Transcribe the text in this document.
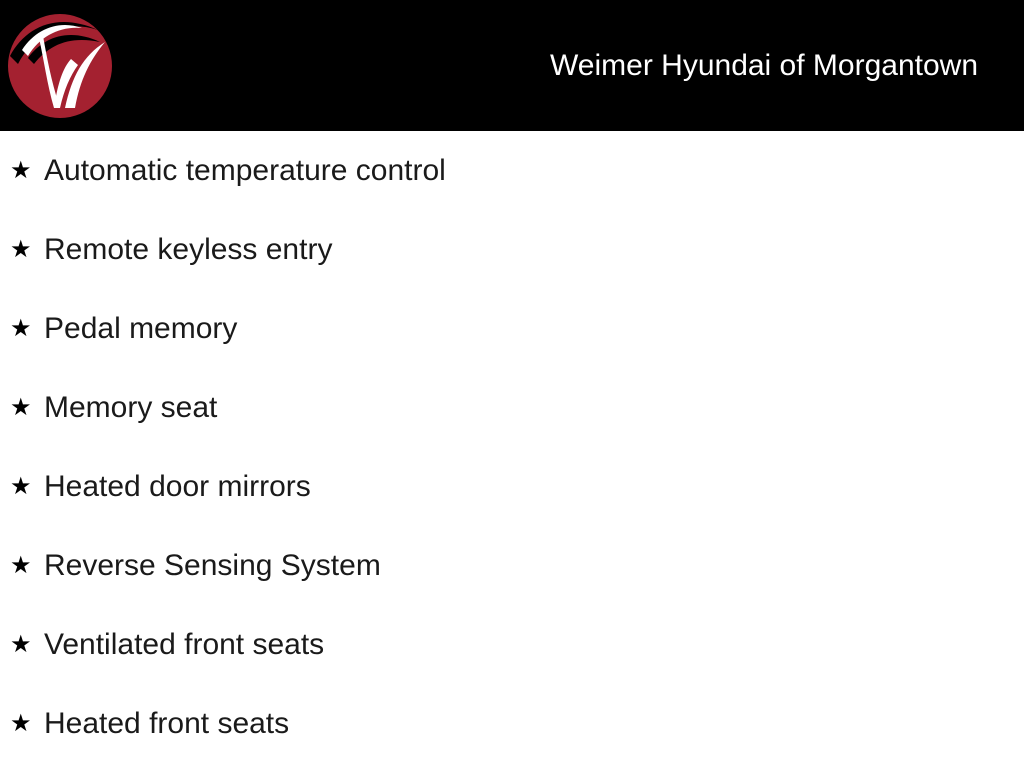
Weimer Hyundai of Morgantown
★ Automatic temperature control
★ Remote keyless entry
★ Pedal memory
★ Memory seat
★ Heated door mirrors
★ Reverse Sensing System
★ Ventilated front seats
★ Heated front seats
